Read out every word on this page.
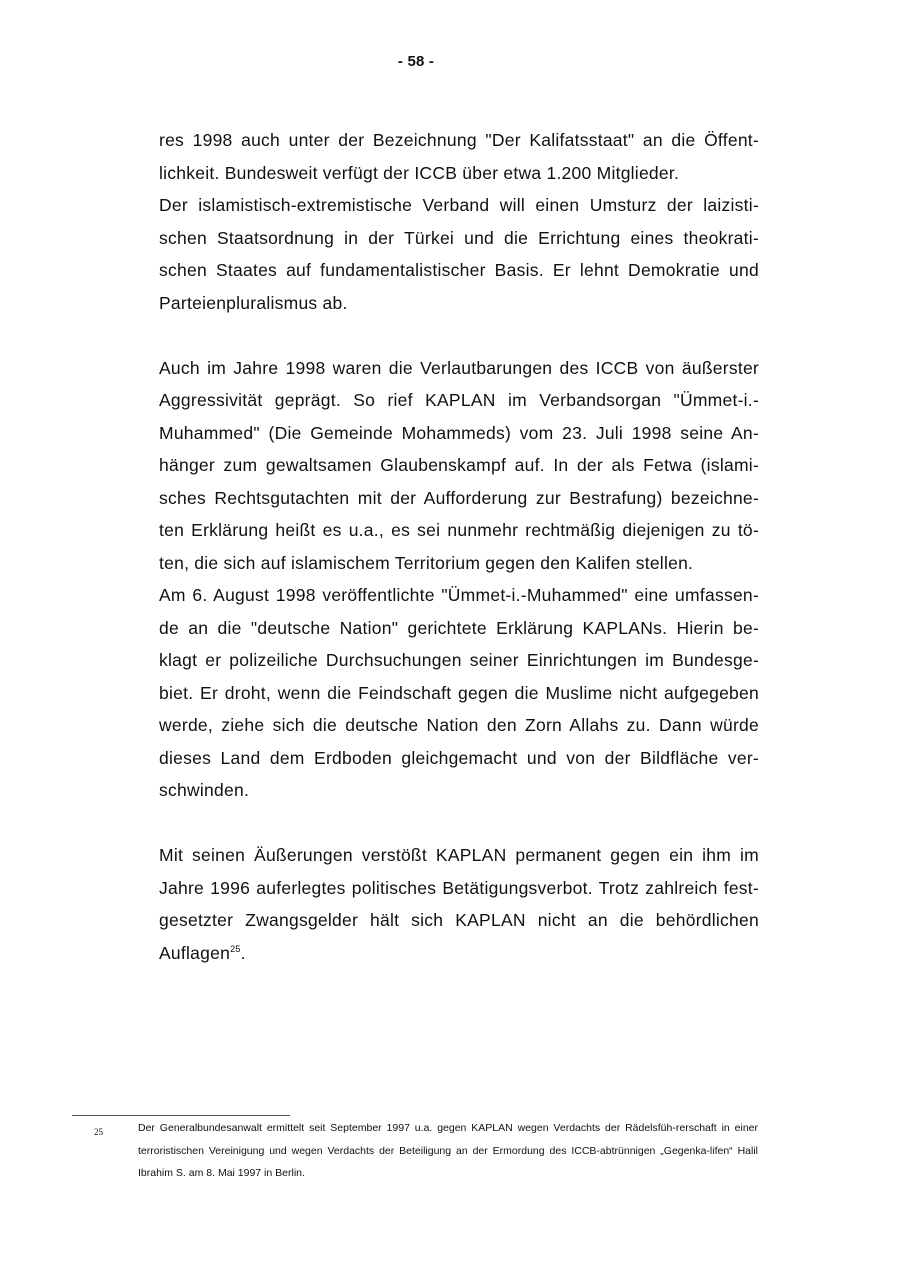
- 58 -

res 1998 auch unter der Bezeichnung "Der Kalifatsstaat" an die Öffent-lichkeit. Bundesweit verfügt der ICCB über etwa 1.200 Mitglieder.

Der islamistisch-extremistische Verband will einen Umsturz der laizisti-schen Staatsordnung in der Türkei und die Errichtung eines theokrati-schen Staates auf fundamentalistischer Basis. Er lehnt Demokratie und Parteienpluralismus ab.

Auch im Jahre 1998 waren die Verlautbarungen des ICCB von äußerster Aggressivität geprägt. So rief KAPLAN im Verbandsorgan "Ümmet-i.-Muhammed" (Die Gemeinde Mohammeds) vom 23. Juli 1998 seine An-hänger zum gewaltsamen Glaubenskampf auf. In der als Fetwa (islami-sches Rechtsgutachten mit der Aufforderung zur Bestrafung) bezeichne-ten Erklärung heißt es u.a., es sei nunmehr rechtmäßig diejenigen zu tö-ten, die sich auf islamischem Territorium gegen den Kalifen stellen.

Am 6. August 1998 veröffentlichte "Ümmet-i.-Muhammed" eine umfassen-de an die "deutsche Nation" gerichtete Erklärung KAPLANs. Hierin be-klagt er polizeiliche Durchsuchungen seiner Einrichtungen im Bundesge-biet. Er droht, wenn die Feindschaft gegen die Muslime nicht aufgegeben werde, ziehe sich die deutsche Nation den Zorn Allahs zu. Dann würde dieses Land dem Erdboden gleichgemacht und von der Bildfläche ver-schwinden.

Mit seinen Äußerungen verstößt KAPLAN permanent gegen ein ihm im Jahre 1996 auferlegtes politisches Betätigungsverbot. Trotz zahlreich fest-gesetzter Zwangsgelder hält sich KAPLAN nicht an die behördlichen Auflagen$^{25}$.

25	Der Generalbundesanwalt ermittelt seit September 1997 u.a. gegen KAPLAN wegen Verdachts der Rädelsfüh-rerschaft in einer terroristischen Vereinigung und wegen Verdachts der Beteiligung an der Ermordung des ICCB-abtrünnigen „Gegenka-lifen“ Halil Ibrahim S. am 8. Mai 1997 in Berlin.
